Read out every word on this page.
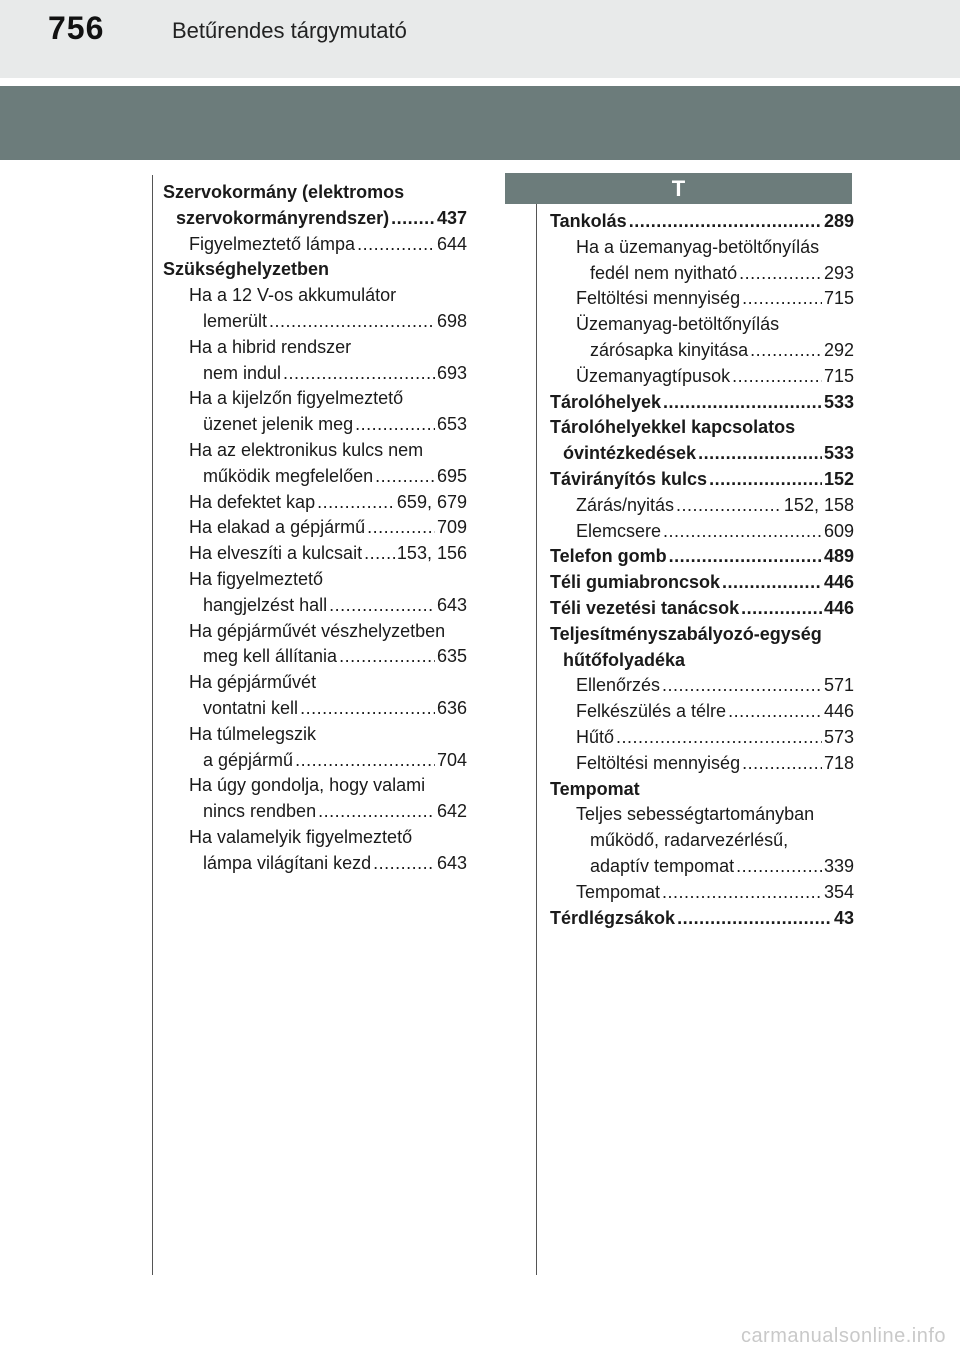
756	Betűrendes tárgymutató
Szervokormány (elektromos
szervokormányrendszer) .....	437
Figyelmeztető lámpa .....	644
Szükséghelyzetben
Ha a 12 V-os akkumulátor
lemerült .....	698
Ha a hibrid rendszer
nem indul .....	693
Ha a kijelzőn figyelmeztető
üzenet jelenik meg .....	653
Ha az elektronikus kulcs nem
működik megfelelően .....	695
Ha defektet kap .....	659, 679
Ha elakad a gépjármű .....	709
Ha elveszíti a kulcsait ..... 153, 156
Ha figyelmeztető
hangjelzést hall .....	643
Ha gépjárművét vészhelyzetben
meg kell állítania .....	635
Ha gépjárművét
vontatni kell .....	636
Ha túlmelegszik
a gépjármű .....	704
Ha úgy gondolja, hogy valami
nincs rendben .....	642
Ha valamelyik figyelmeztető
lámpa világítani kezd .....	643
T
Tankolás .....	289
Ha a üzemanyag-betöltőnyílás
fedél nem nyitható .....	293
Feltöltési mennyiség .....	715
Üzemanyag-betöltőnyílás
zárósapka kinyitása .....	292
Üzemanyagtípusok .....	715
Tárolóhelyek .....	533
Tárolóhelyekkel kapcsolatos
óvintézkedések .....	533
Távirányítós kulcs .....	152
Zárás/nyitás .....	152, 158
Elemcsere .....	609
Telefon gomb .....	489
Téli gumiabroncsok .....	446
Téli vezetési tanácsok .....	446
Teljesítményszabályozó-egység
hűtőfolyadéka
Ellenőrzés .....	571
Felkészülés a télre .....	446
Hűtő .....	573
Feltöltési mennyiség .....	718
Tempomat
Teljes sebességtartományban
működő, radarvezérlésű,
adaptív tempomat .....	339
Tempomat .....	354
Térdlégzsákok .....	43
carmanualsonline.info
